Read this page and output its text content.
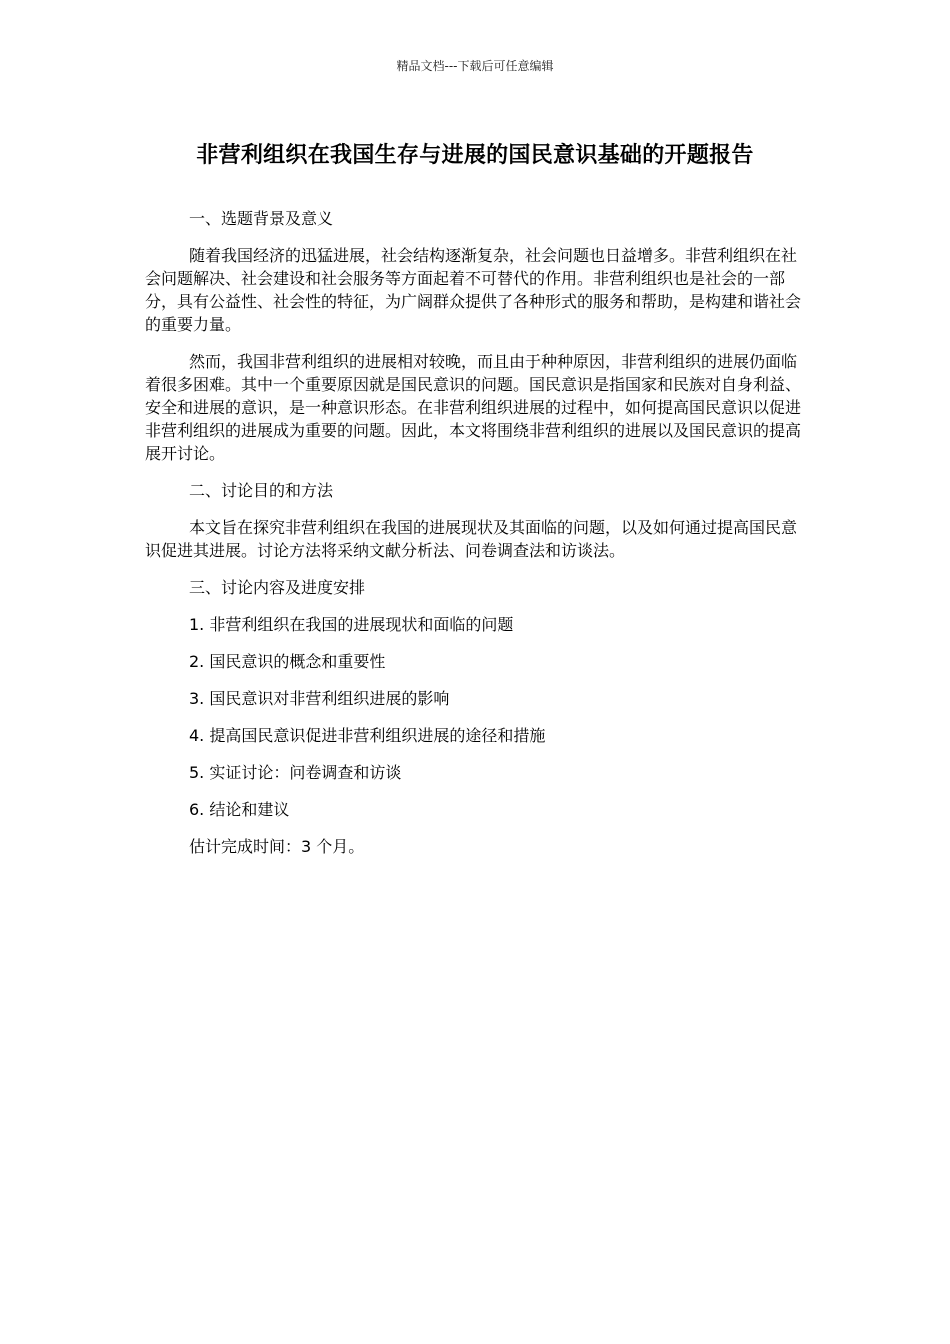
精品文档---下载后可任意编辑
非营利组织在我国生存与进展的国民意识基础的开题报告

一、选题背景及意义

随着我国经济的迅猛进展，社会结构逐渐复杂，社会问题也日益增多。非营利组织在社会问题解决、社会建设和社会服务等方面起着不可替代的作用。非营利组织也是社会的一部分，具有公益性、社会性的特征，为广阔群众提供了各种形式的服务和帮助，是构建和谐社会的重要力量。

然而，我国非营利组织的进展相对较晚，而且由于种种原因，非营利组织的进展仍面临着很多困难。其中一个重要原因就是国民意识的问题。国民意识是指国家和民族对自身利益、安全和进展的意识，是一种意识形态。在非营利组织进展的过程中，如何提高国民意识以促进非营利组织的进展成为重要的问题。因此，本文将围绕非营利组织的进展以及国民意识的提高展开讨论。

二、讨论目的和方法

本文旨在探究非营利组织在我国的进展现状及其面临的问题，以及如何通过提高国民意识促进其进展。讨论方法将采纳文献分析法、问卷调查法和访谈法。

三、讨论内容及进度安排

1. 非营利组织在我国的进展现状和面临的问题

2. 国民意识的概念和重要性

3. 国民意识对非营利组织进展的影响

4. 提高国民意识促进非营利组织进展的途径和措施

5. 实证讨论：问卷调查和访谈

6. 结论和建议

估计完成时间：3 个月。
